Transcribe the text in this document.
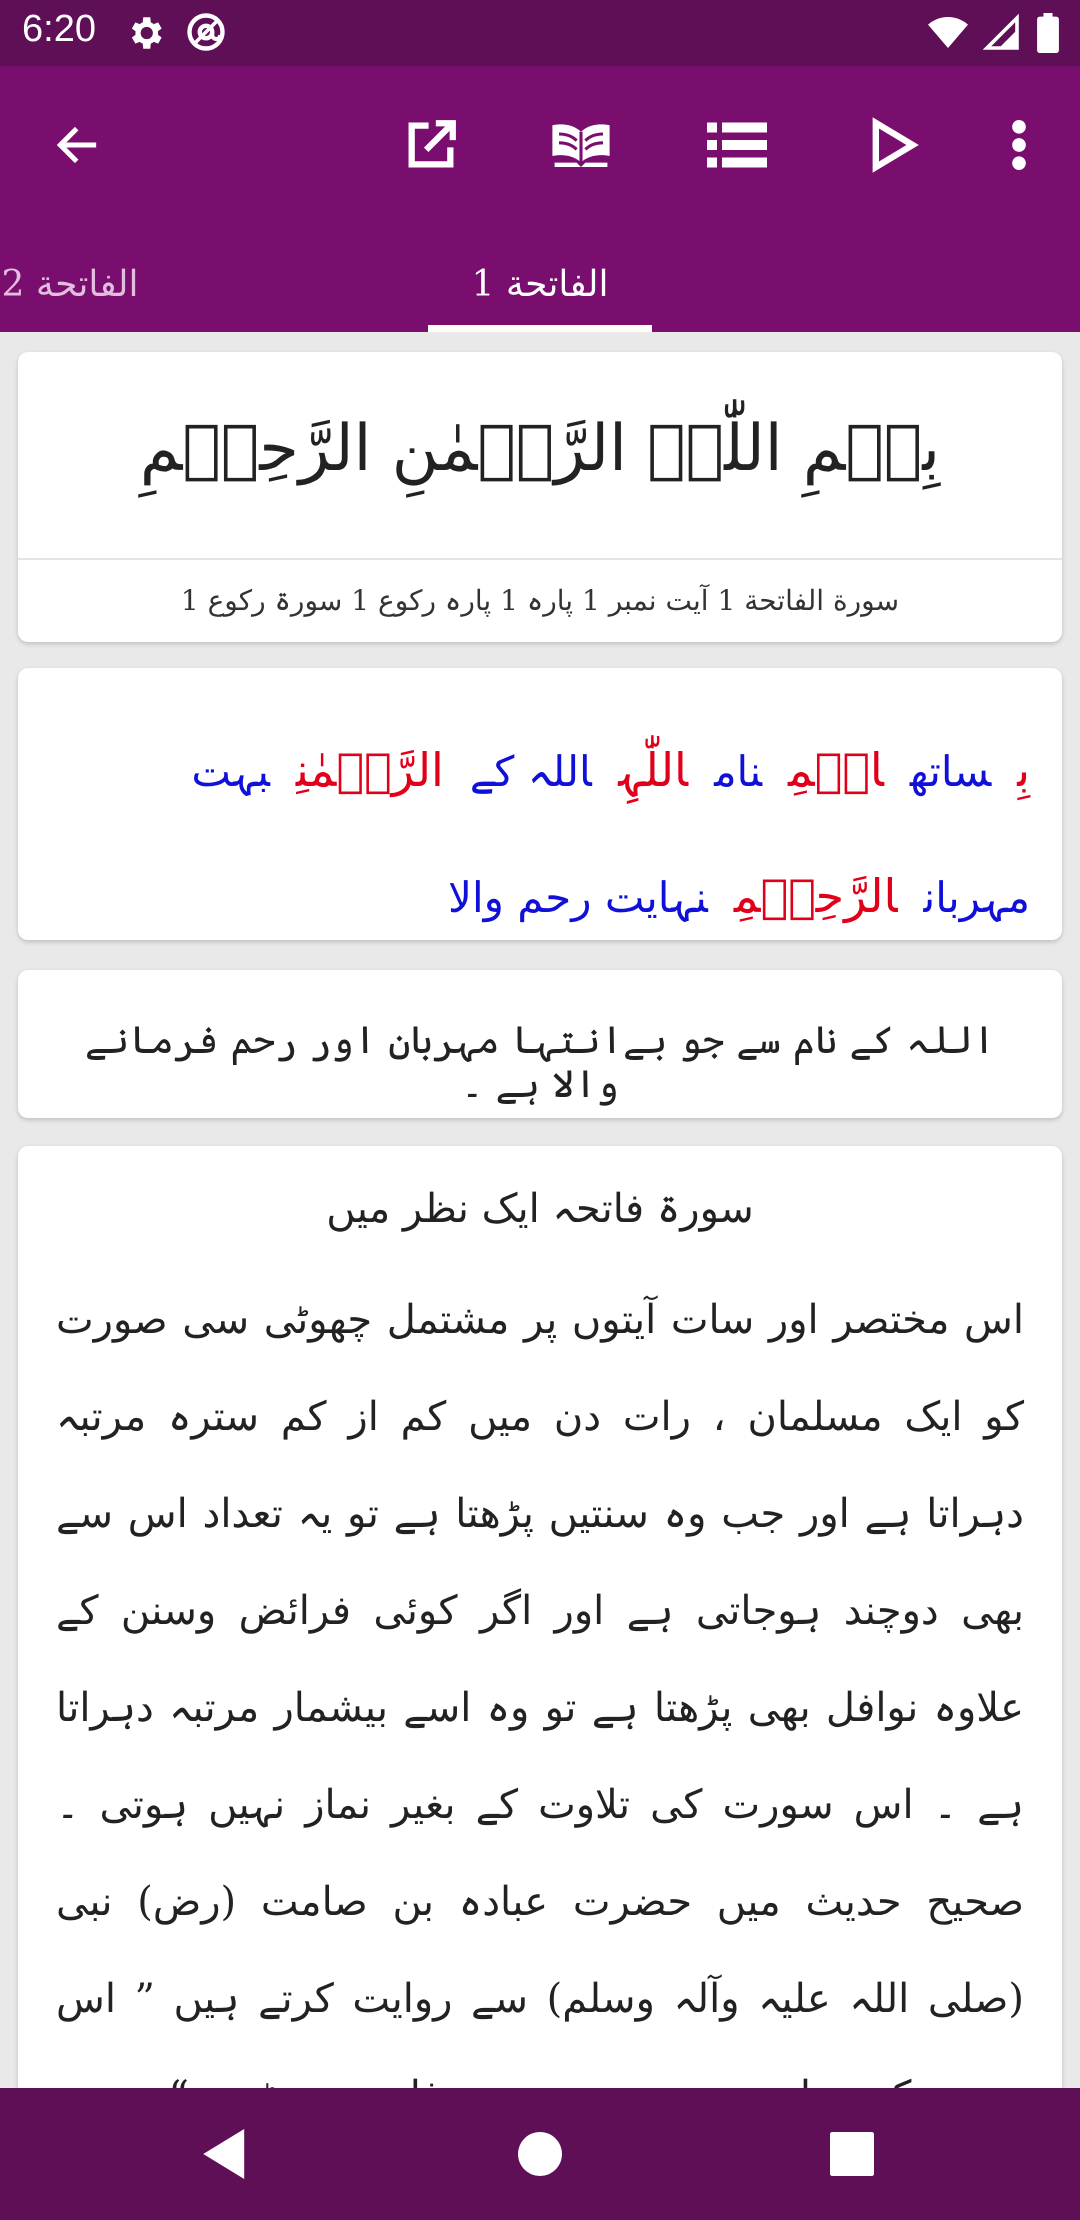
6:20
الفاتحة 2	الفاتحة 1
بِسۡمِ اللّٰہِ الرَّحۡمٰنِ الرَّحِیۡمِ
سورة الفاتحة 1 آیت نمبر 1 پارہ 1 پارہ رکوع 1 سورۃ رکوع 1
بِساتھاسۡمِناماللّٰہِاللہ کےالرَّحۡمٰنِبہت مہربانالرَّحِیۡمِنہایت رحم والا
اللہ کے نام سے جو بےانتہا مہربان اور رحم فرمانے والا ہے ۔
سورۃ فاتحہ ایک نظر میں
اس مختصر اور سات آیتوں پر مشتمل چھوٹی سی صورت کو ایک مسلمان ، رات دن میں کم از کم سترہ مرتبہ دہراتا ہے اور جب وہ سنتیں پڑھتا ہے تو یہ تعداد اس سے بھی دوچند ہوجاتی ہے اور اگر کوئی فرائض وسنن کے علاوہ نوافل بھی پڑھتا ہے تو وہ اسے بیشمار مرتبہ دہراتا ہے ۔ اس سورت کی تلاوت کے بغیر نماز نہیں ہوتی ۔ صحیح حدیث میں حضرت عبادہ بن صامت (رض) نبی (صلی اللہ علیہ وآلہ وسلم) سے روایت کرتے ہیں ” اس
